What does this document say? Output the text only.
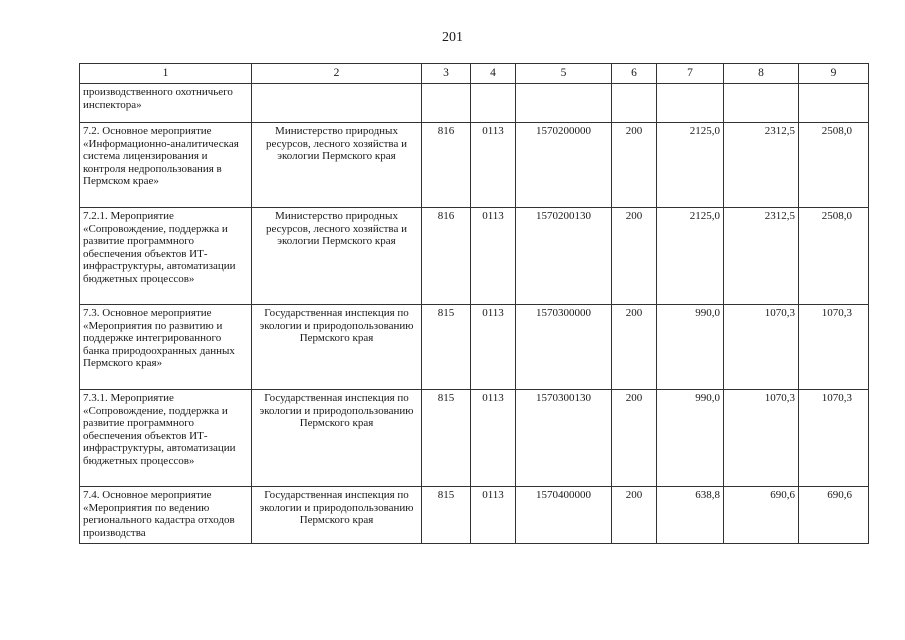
201
1	2	3	4	5	6	7	8	9
производственного охотничьего инспектора»								
7.2. Основное мероприятие «Информационно-аналитическая система лицензирования и контроля недропользования в Пермском крае»	Министерство природных ресурсов, лесного хозяйства и экологии Пермского края	816	0113	1570200000	200	2125,0	2312,5	2508,0
7.2.1. Мероприятие «Сопровождение, поддержка и развитие программного обеспечения объектов ИТ-инфраструктуры, автоматизации бюджетных процессов»	Министерство природных ресурсов, лесного хозяйства и экологии Пермского края	816	0113	1570200130	200	2125,0	2312,5	2508,0
7.3. Основное мероприятие «Мероприятия по развитию и поддержке интегрированного банка природоохранных данных Пермского края»	Государственная инспекция по экологии и природопользованию Пермского края	815	0113	1570300000	200	990,0	1070,3	1070,3
7.3.1. Мероприятие «Сопровождение, поддержка и развитие программного обеспечения объектов ИТ-инфраструктуры, автоматизации бюджетных процессов»	Государственная инспекция по экологии и природопользованию Пермского края	815	0113	1570300130	200	990,0	1070,3	1070,3
7.4. Основное мероприятие «Мероприятия по ведению регионального кадастра отходов производства	Государственная инспекция по экологии и природопользованию Пермского края	815	0113	1570400000	200	638,8	690,6	690,6
